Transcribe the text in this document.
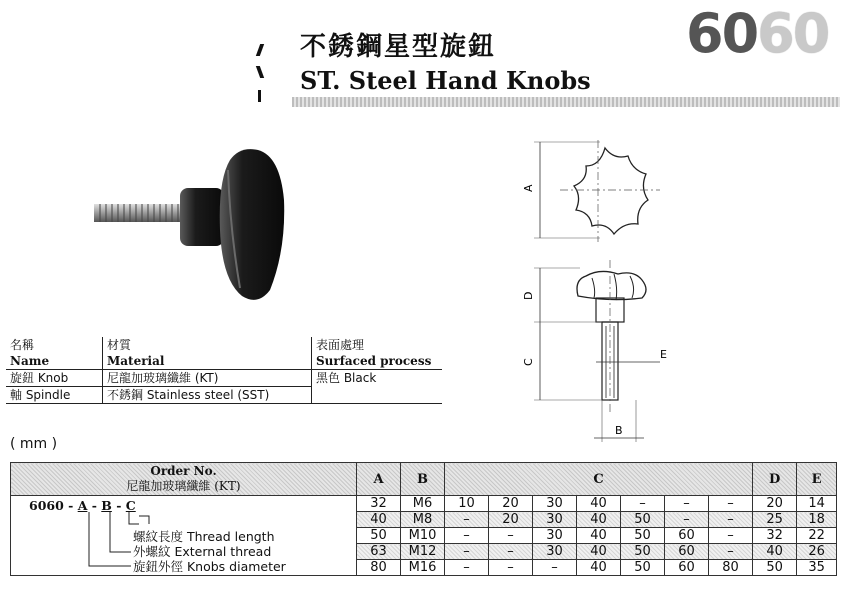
不銹鋼星型旋鈕
ST. Steel Hand Knobs
6060
A
D
C
E
B
名稱	材質	表面處理
Name	Material	Surfaced process
旋鈕 Knob	尼龍加玻璃纖維 (KT)	黑色 Black
軸 Spindle	不銹鋼 Stainless steel (SST)	
( mm )
Order No.
尼龍加玻璃纖維 (KT)	A	B	C							D	E

6060 - A - B - C
螺紋長度 Thread length
外螺紋 External thread
旋鈕外徑 Knobs diameter	32	M6	10	20	30	40	–	–	–	20	14
	40	M8	–	20	30	40	50	–	–	25	18
	50	M10	–	–	30	40	50	60	–	32	22
	63	M12	–	–	30	40	50	60	–	40	26
	80	M16	–	–	–	40	50	60	80	50	35
